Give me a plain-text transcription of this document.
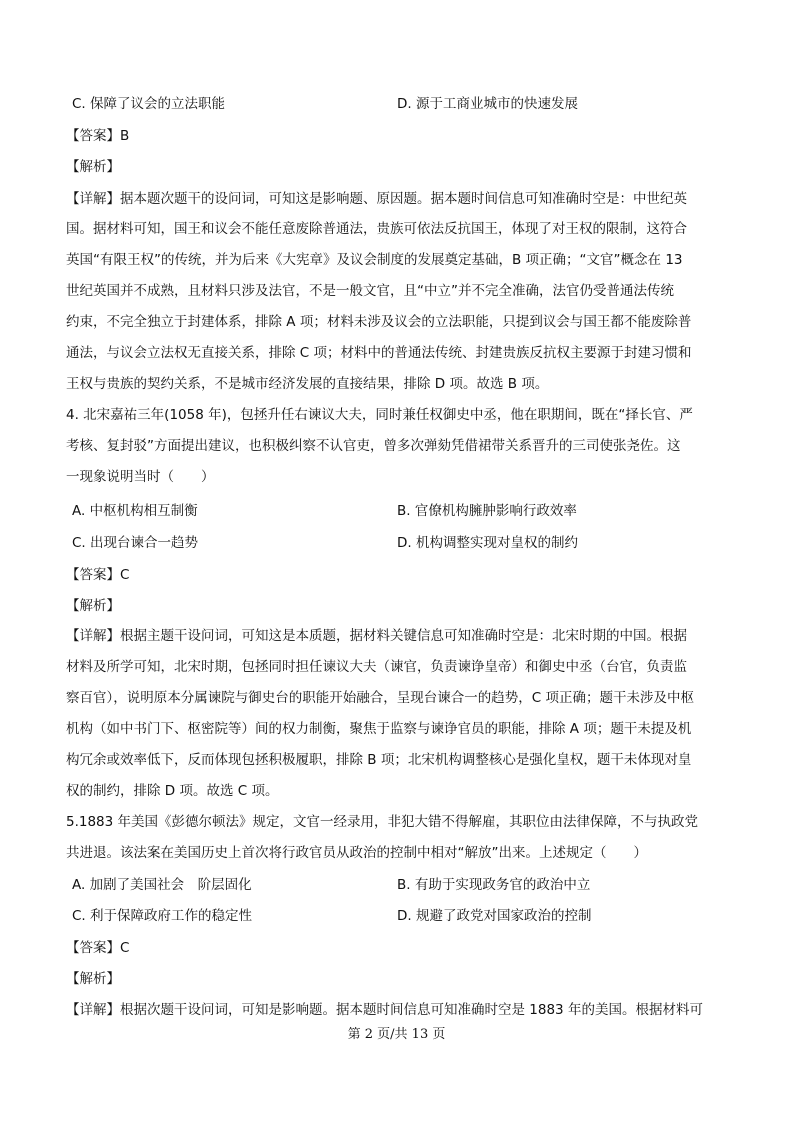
C. 保障了议会的立法职能	D. 源于工商业城市的快速发展
【答案】B
【解析】
【详解】据本题次题干的设问词，可知这是影响题、原因题。据本题时间信息可知准确时空是：中世纪英
国。据材料可知，国王和议会不能任意废除普通法，贵族可依法反抗国王，体现了对王权的限制，这符合
英国“有限王权”的传统，并为后来《大宪章》及议会制度的发展奠定基础，B 项正确；“文官”概念在 13
世纪英国并不成熟，且材料只涉及法官，不是一般文官，且“中立”并不完全准确，法官仍受普通法传统
约束，不完全独立于封建体系，排除 A 项；材料未涉及议会的立法职能，只提到议会与国王都不能废除普
通法，与议会立法权无直接关系，排除 C 项；材料中的普通法传统、封建贵族反抗权主要源于封建习惯和
王权与贵族的契约关系，不是城市经济发展的直接结果，排除 D 项。故选 B 项。
4. 北宋嘉祐三年(1058 年)，包拯升任右谏议大夫，同时兼任权御史中丞，他在职期间，既在“择长官、严
考核、复封驳”方面提出建议，也积极纠察不认官吏，曾多次弹劾凭借裙带关系晋升的三司使张尧佐。这
一现象说明当时（　　）
A. 中枢机构相互制衡	B. 官僚机构臃肿影响行政效率
C. 出现台谏合一趋势	D. 机构调整实现对皇权的制约
【答案】C
【解析】
【详解】根据主题干设问词，可知这是本质题，据材料关键信息可知准确时空是：北宋时期的中国。根据
材料及所学可知，北宋时期，包拯同时担任谏议大夫（谏官，负责谏诤皇帝）和御史中丞（台官，负责监
察百官），说明原本分属谏院与御史台的职能开始融合，呈现台谏合一的趋势，C 项正确；题干未涉及中枢
机构（如中书门下、枢密院等）间的权力制衡，聚焦于监察与谏诤官员的职能，排除 A 项；题干未提及机
构冗余或效率低下，反而体现包拯积极履职，排除 B 项；北宋机构调整核心是强化皇权，题干未体现对皇
权的制约，排除 D 项。故选 C 项。
5.1883 年美国《彭德尔顿法》规定，文官一经录用，非犯大错不得解雇，其职位由法律保障，不与执政党
共进退。该法案在美国历史上首次将行政官员从政治的控制中相对“解放”出来。上述规定（　　）
A. 加剧了美国社会　阶层固化	B. 有助于实现政务官的政治中立
C. 利于保障政府工作的稳定性	D. 规避了政党对国家政治的控制
【答案】C
【解析】
【详解】根据次题干设问词，可知是影响题。据本题时间信息可知准确时空是 1883 年的美国。根据材料可
第 2 页/共 13 页
